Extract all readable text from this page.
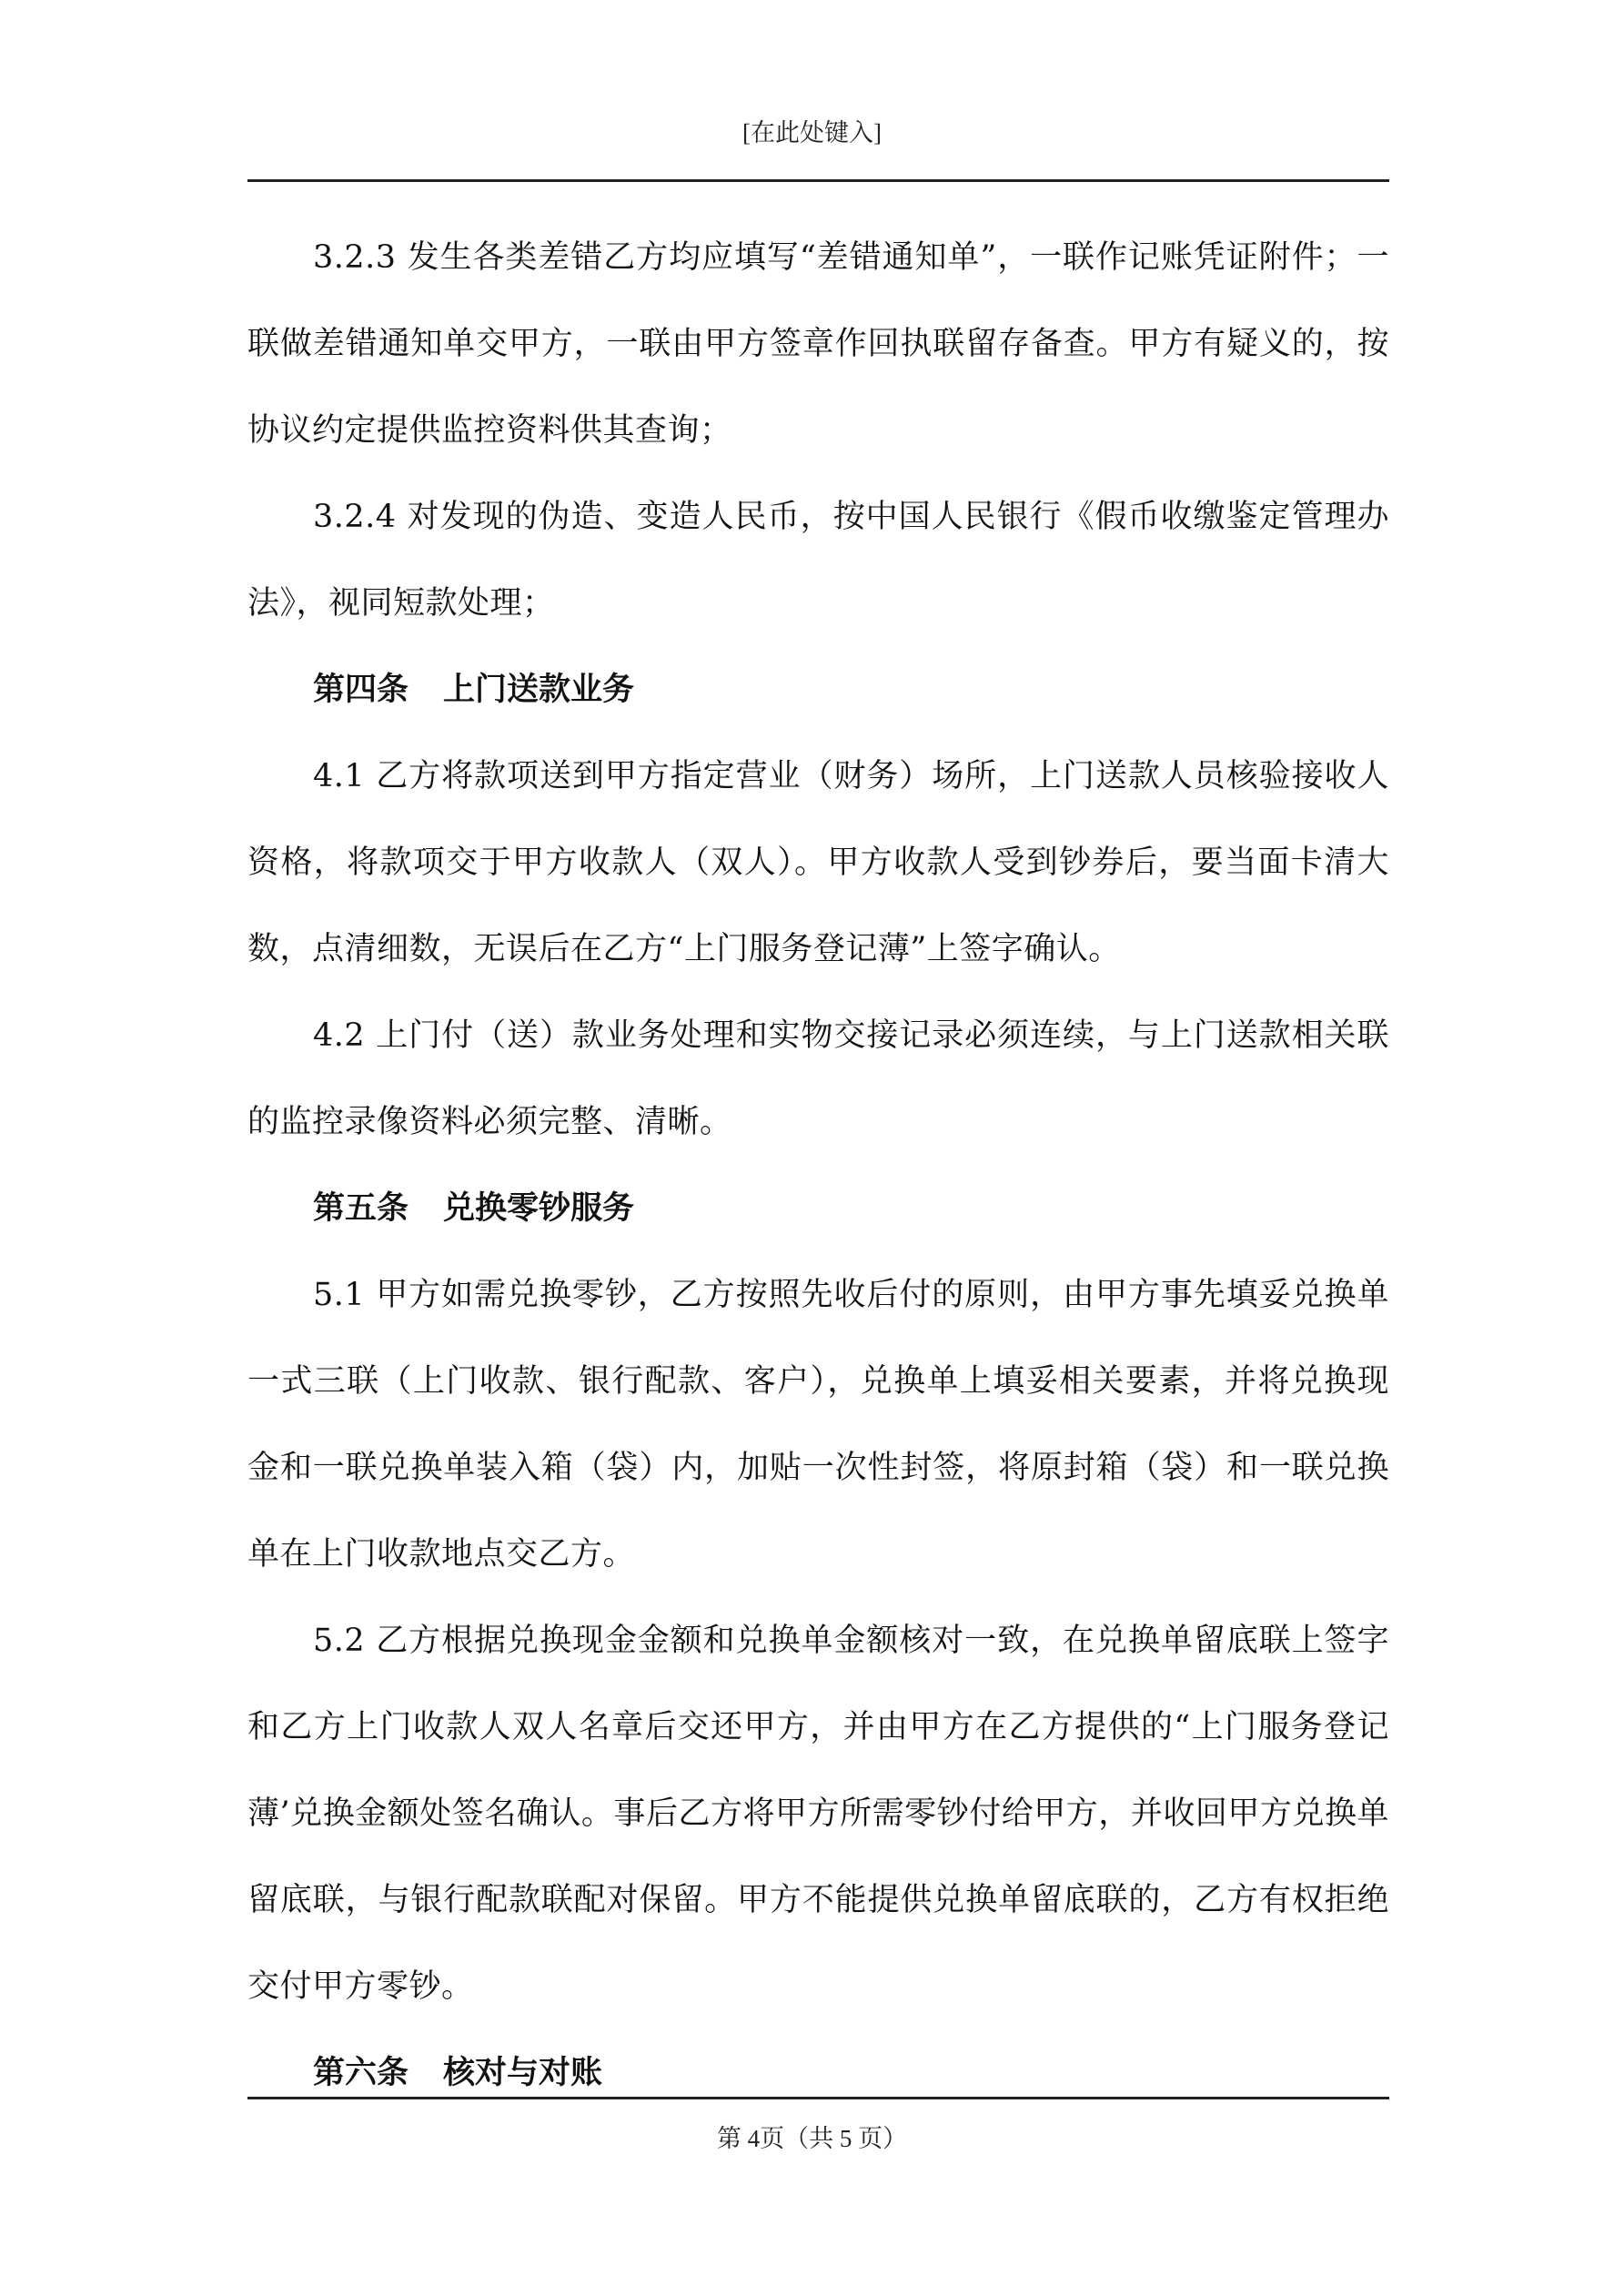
[在此处键入]

3.2.3 发生各类差错乙方均应填写“差错通知单”，一联作记账凭证附件；一联做差错通知单交甲方，一联由甲方签章作回执联留存备查。甲方有疑义的，按协议约定提供监控资料供其查询；

3.2.4 对发现的伪造、变造人民币，按中国人民银行《假币收缴鉴定管理办法》，视同短款处理；

第四条 上门送款业务

4.1 乙方将款项送到甲方指定营业（财务）场所，上门送款人员核验接收人资格，将款项交于甲方收款人（双人）。甲方收款人受到钞券后，要当面卡清大数，点清细数，无误后在乙方“上门服务登记薄”上签字确认。

4.2 上门付（送）款业务处理和实物交接记录必须连续，与上门送款相关联的监控录像资料必须完整、清晰。

第五条 兑换零钞服务

5.1 甲方如需兑换零钞，乙方按照先收后付的原则，由甲方事先填妥兑换单一式三联（上门收款、银行配款、客户），兑换单上填妥相关要素，并将兑换现金和一联兑换单装入箱（袋）内，加贴一次性封签，将原封箱（袋）和一联兑换单在上门收款地点交乙方。

5.2 乙方根据兑换现金金额和兑换单金额核对一致，在兑换单留底联上签字和乙方上门收款人双人名章后交还甲方，并由甲方在乙方提供的“上门服务登记薄’兑换金额处签名确认。事后乙方将甲方所需零钞付给甲方，并收回甲方兑换单留底联，与银行配款联配对保留。甲方不能提供兑换单留底联的，乙方有权拒绝交付甲方零钞。

第六条 核对与对账

第 4页（共 5 页）
